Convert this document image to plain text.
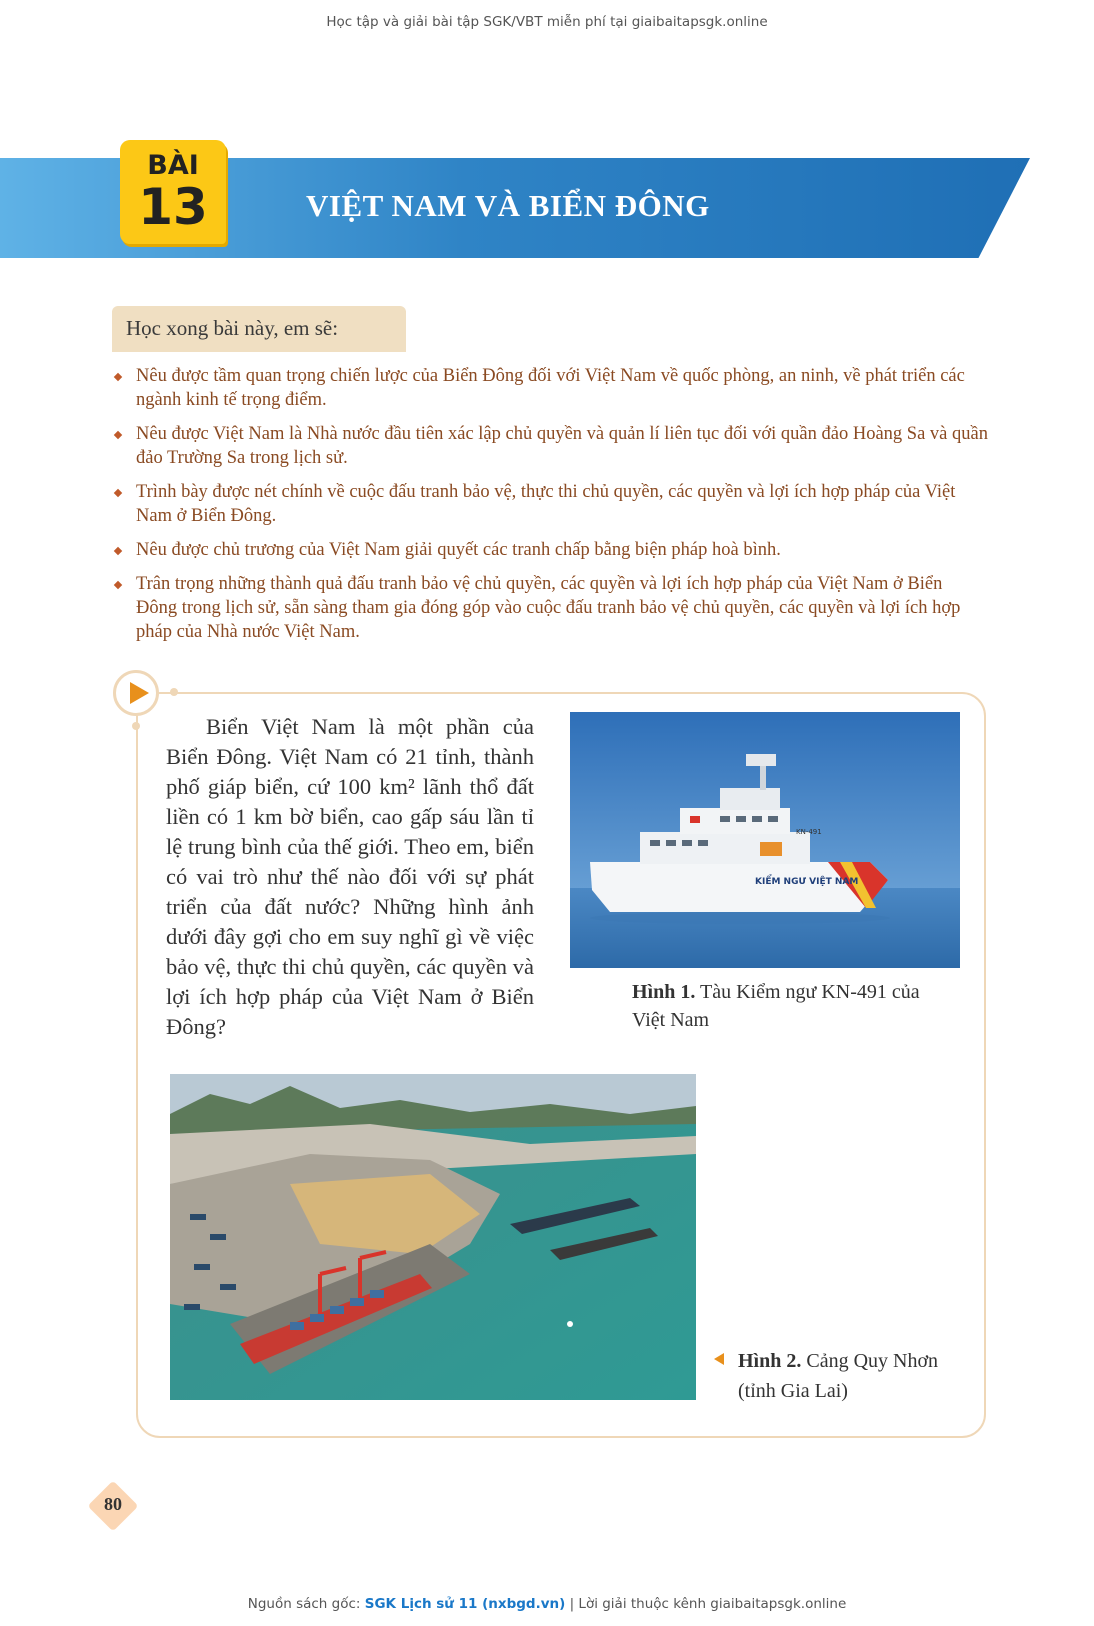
Học tập và giải bài tập SGK/VBT miễn phí tại giaibaitapsgk.online
BÀI
13	VIỆT NAM VÀ BIỂN ĐÔNG
Học xong bài này, em sẽ:
Nêu được tầm quan trọng chiến lược của Biển Đông đối với Việt Nam về quốc phòng, an ninh, về phát triển các ngành kinh tế trọng điểm.
Nêu được Việt Nam là Nhà nước đầu tiên xác lập chủ quyền và quản lí liên tục đối với quần đảo Hoàng Sa và quần đảo Trường Sa trong lịch sử.
Trình bày được nét chính về cuộc đấu tranh bảo vệ, thực thi chủ quyền, các quyền và lợi ích hợp pháp của Việt Nam ở Biển Đông.
Nêu được chủ trương của Việt Nam giải quyết các tranh chấp bằng biện pháp hoà bình.
Trân trọng những thành quả đấu tranh bảo vệ chủ quyền, các quyền và lợi ích hợp pháp của Việt Nam ở Biển Đông trong lịch sử, sẵn sàng tham gia đóng góp vào cuộc đấu tranh bảo vệ chủ quyền, các quyền và lợi ích hợp pháp của Nhà nước Việt Nam.

Biển Việt Nam là một phần của Biển Đông. Việt Nam có 21 tỉnh, thành phố giáp biển, cứ 100 km² lãnh thổ đất liền có 1 km bờ biển, cao gấp sáu lần tỉ lệ trung bình của thế giới. Theo em, biển có vai trò như thế nào đối với sự phát triển của đất nước? Những hình ảnh dưới đây gợi cho em suy nghĩ gì về việc bảo vệ, thực thi chủ quyền, các quyền và lợi ích hợp pháp của Việt Nam ở Biển Đông?

KIỂM NGƯ VIỆT NAM
KN-491
Hình 1. Tàu Kiểm ngư KN-491 của Việt Nam
Hình 2. Cảng Quy Nhơn (tỉnh Gia Lai)
80
Nguồn sách gốc: SGK Lịch sử 11 (nxbgd.vn) | Lời giải thuộc kênh giaibaitapsgk.online
